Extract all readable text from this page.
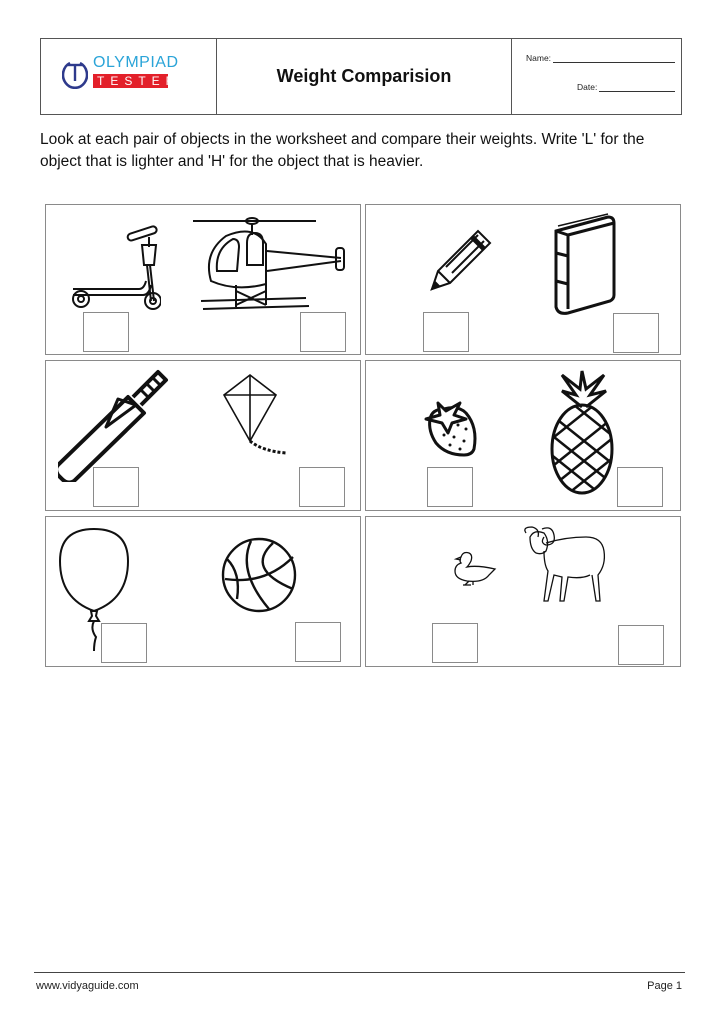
OLYMPIAD
TESTER	Weight Comparision
Name:
Date:
Look at each pair of objects in the worksheet and compare their weights. Write 'L' for the object that is lighter and 'H' for the object that is heavier.
www.vidyaguide.com	Page 1
